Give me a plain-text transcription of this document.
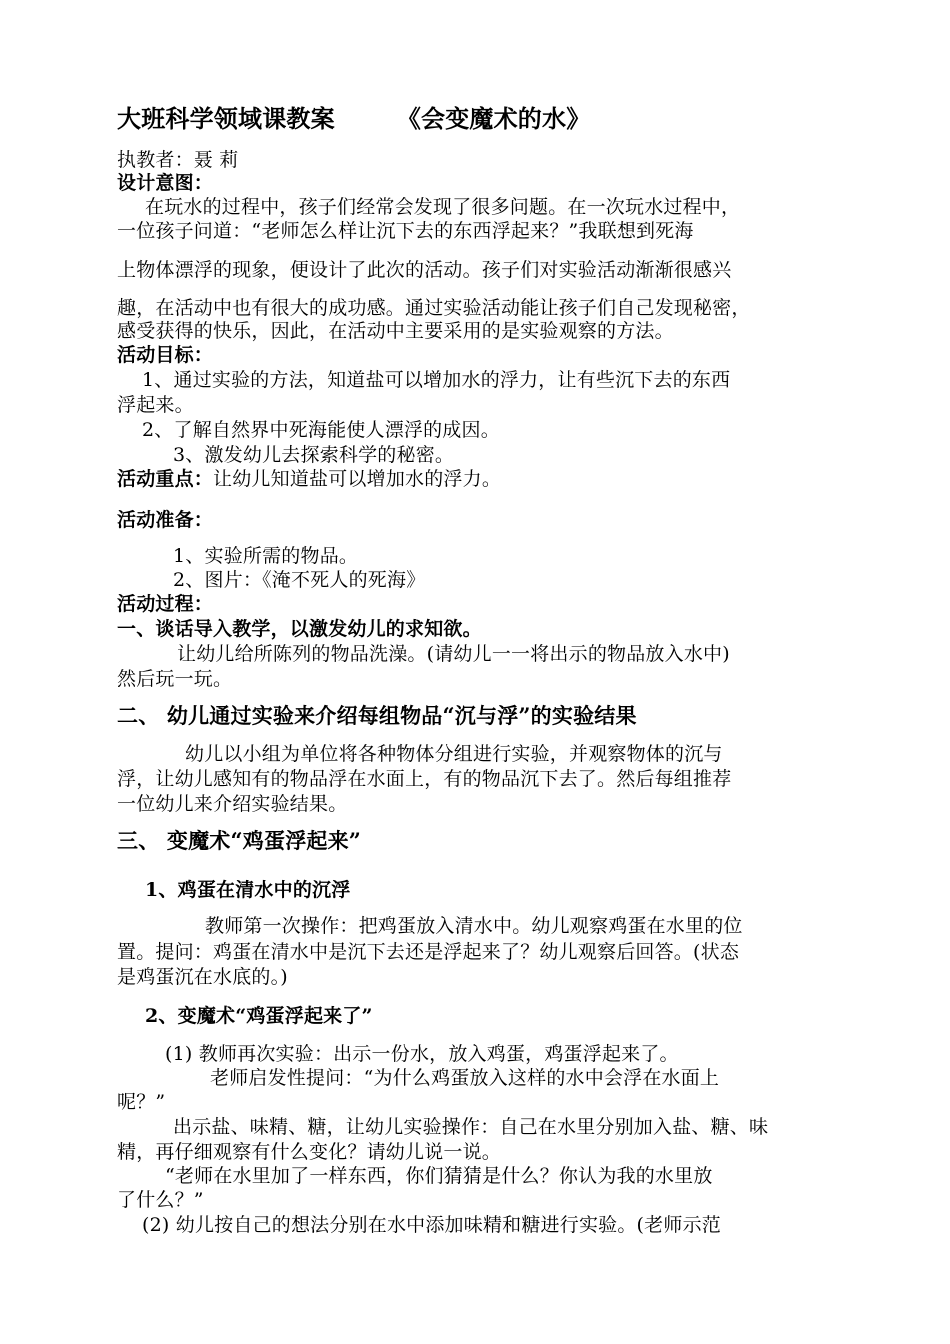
大班科学领域课教案	《会变魔术的水》
执教者：聂 莉
设计意图：
在玩水的过程中，孩子们经常会发现了很多问题。在一次玩水过程中，
一位孩子问道：“老师怎么样让沉下去的东西浮起来？”我联想到死海
上物体漂浮的现象，便设计了此次的活动。孩子们对实验活动渐渐很感兴
趣，在活动中也有很大的成功感。通过实验活动能让孩子们自己发现秘密，
感受获得的快乐，因此，在活动中主要采用的是实验观察的方法。
活动目标：
1、通过实验的方法，知道盐可以增加水的浮力，让有些沉下去的东西
浮起来。
2、了解自然界中死海能使人漂浮的成因。
3、激发幼儿去探索科学的秘密。
活动重点：让幼儿知道盐可以增加水的浮力。
活动准备：
1、实验所需的物品。
2、图片：《淹不死人的死海》
活动过程：
一、谈话导入教学，以激发幼儿的求知欲。
让幼儿给所陈列的物品洗澡。(请幼儿一一将出示的物品放入水中)
然后玩一玩。
二、 幼儿通过实验来介绍每组物品“沉与浮”的实验结果
幼儿以小组为单位将各种物体分组进行实验，并观察物体的沉与
浮，让幼儿感知有的物品浮在水面上，有的物品沉下去了。然后每组推荐
一位幼儿来介绍实验结果。
三、 变魔术“鸡蛋浮起来”
1、鸡蛋在清水中的沉浮
教师第一次操作：把鸡蛋放入清水中。幼儿观察鸡蛋在水里的位
置。提问：鸡蛋在清水中是沉下去还是浮起来了？幼儿观察后回答。(状态
是鸡蛋沉在水底的。)
2、变魔术“鸡蛋浮起来了”
(1) 教师再次实验：出示一份水，放入鸡蛋，鸡蛋浮起来了。
老师启发性提问：“为什么鸡蛋放入这样的水中会浮在水面上
呢？”
出示盐、味精、糖，让幼儿实验操作：自己在水里分别加入盐、糖、味
精，再仔细观察有什么变化？请幼儿说一说。
“老师在水里加了一样东西，你们猜猜是什么？你认为我的水里放
了什么？”
(2) 幼儿按自己的想法分别在水中添加味精和糖进行实验。(老师示范
